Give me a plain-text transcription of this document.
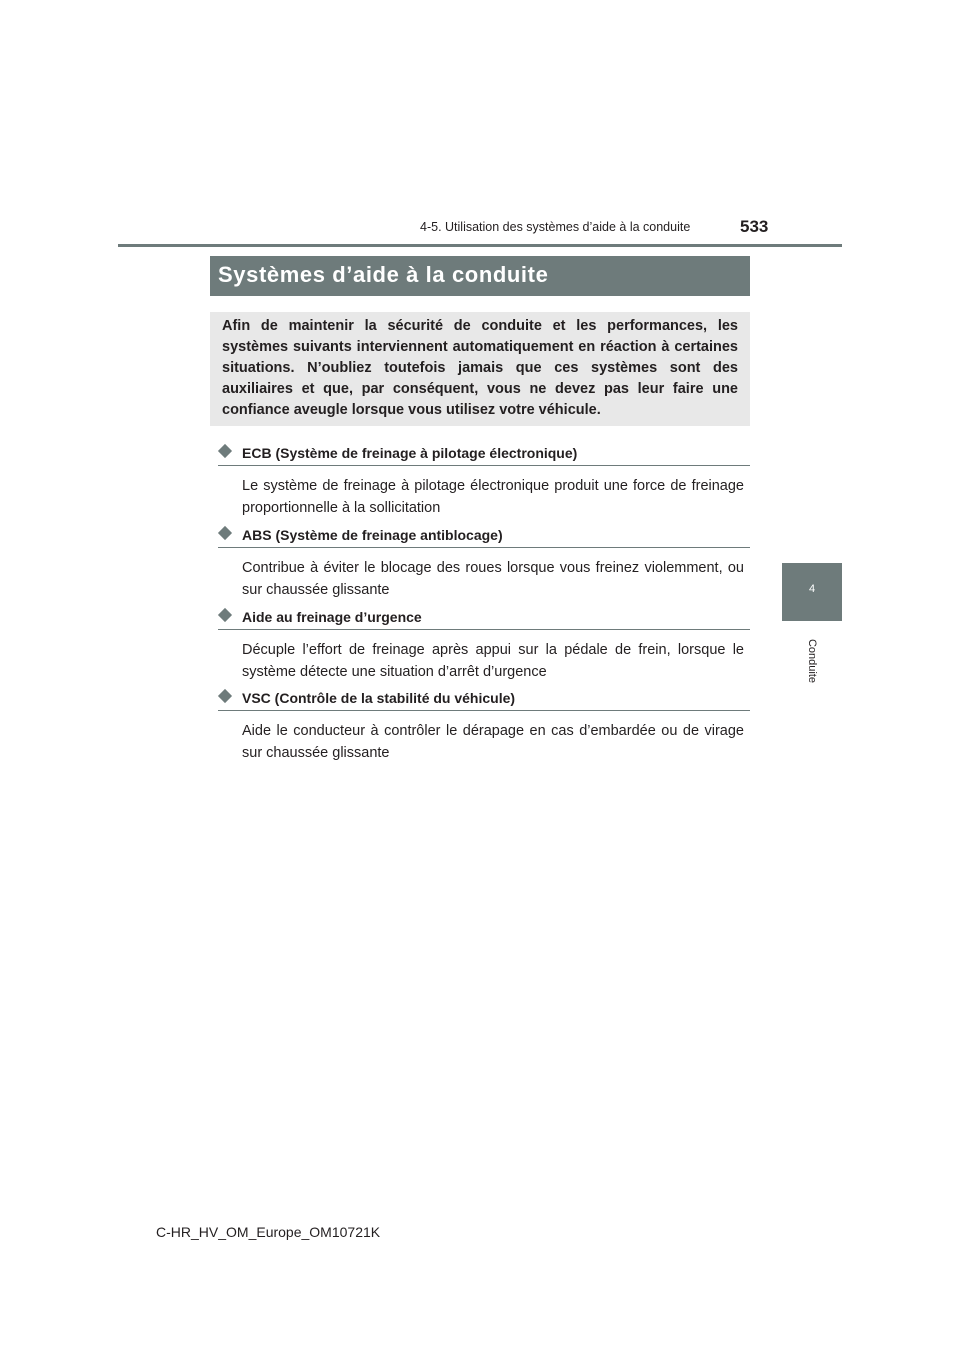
4-5. Utilisation des systèmes d’aide à la conduite	533
Systèmes d’aide à la conduite

Afin de maintenir la sécurité de conduite et les performances, les systèmes suivants interviennent automatiquement en réaction à certaines situations. N’oubliez toutefois jamais que ces systèmes sont des auxiliaires et que, par conséquent, vous ne devez pas leur faire une confiance aveugle lorsque vous utilisez votre véhicule.

ECB (Système de freinage à pilotage électronique)
Le système de freinage à pilotage électronique produit une force de freinage proportionnelle à la sollicitation
ABS (Système de freinage antiblocage)
Contribue à éviter le blocage des roues lorsque vous freinez violemment, ou sur chaussée glissante
Aide au freinage d’urgence
Décuple l’effort de freinage après appui sur la pédale de frein, lorsque le système détecte une situation d’arrêt d’urgence
VSC (Contrôle de la stabilité du véhicule)
Aide le conducteur à contrôler le dérapage en cas d’embardée ou de virage sur chaussée glissante
4
Conduite
C-HR_HV_OM_Europe_OM10721K
